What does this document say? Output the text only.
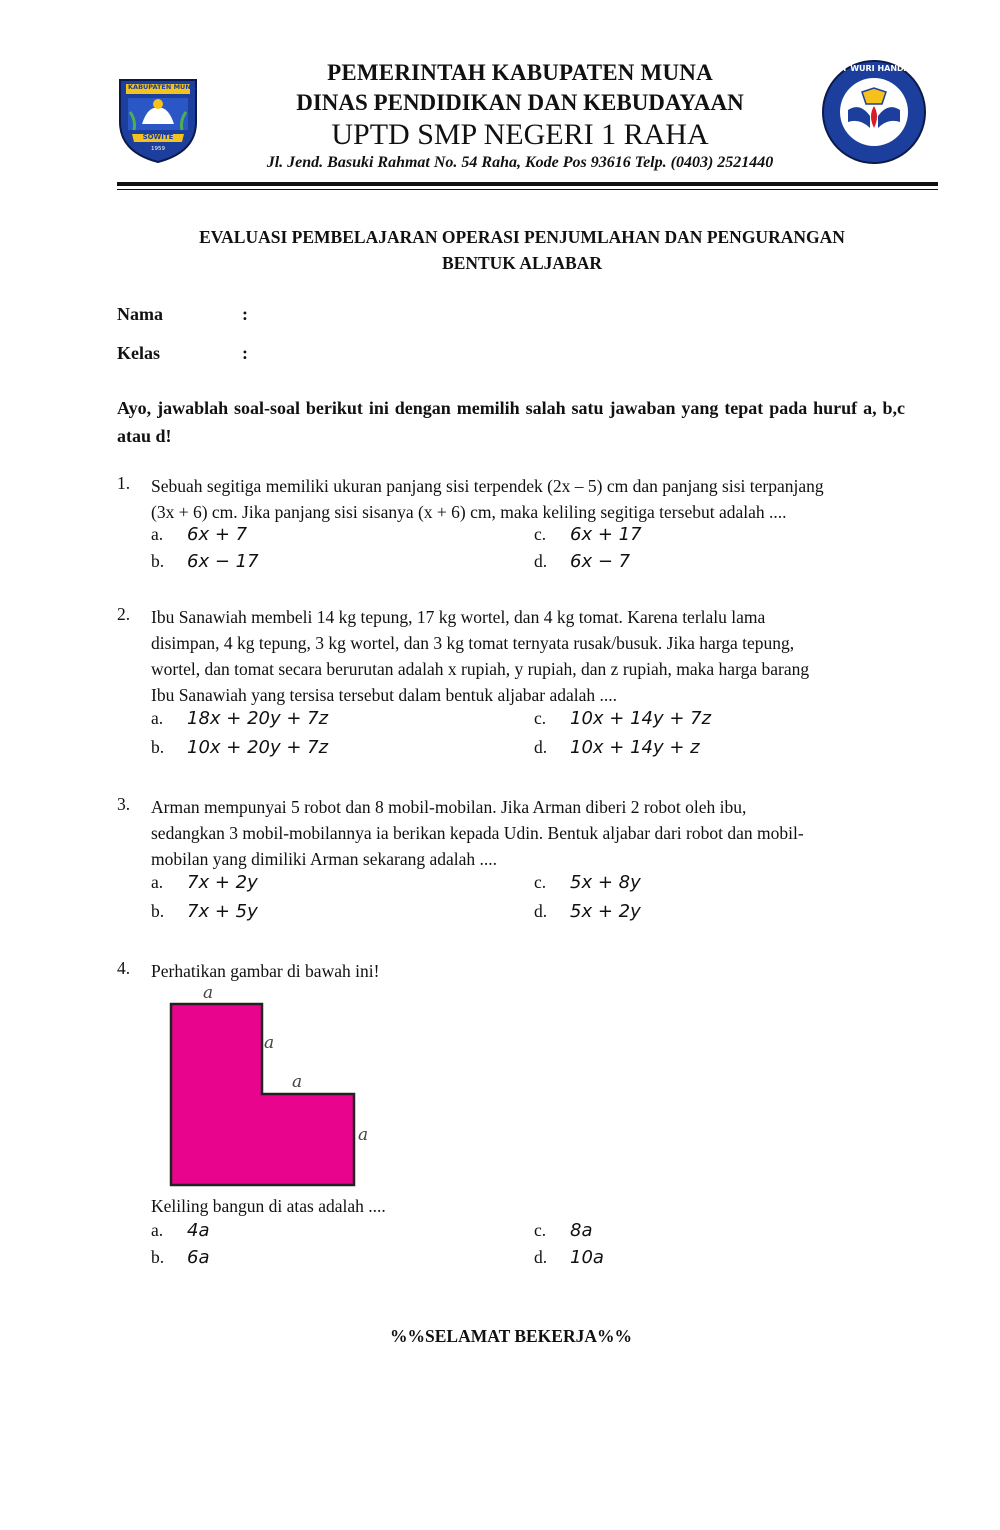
KABUPATEN MUNA
SOWITE
1959
PEMERINTAH KABUPATEN MUNA
DINAS PENDIDIKAN DAN KEBUDAYAAN
UPTD SMP NEGERI 1 RAHA
Jl. Jend. Basuki Rahmat No. 54 Raha, Kode Pos 93616 Telp. (0403) 2521440
TUT WURI HANDAYANI
EVALUASI PEMBELAJARAN OPERASI PENJUMLAHAN DAN PENGURANGAN
BENTUK ALJABAR
Nama	:
Kelas	:
Ayo, jawablah soal-soal berikut ini dengan memilih salah satu jawaban yang tepat pada huruf a, b,c atau d!
1. Sebuah segitiga memiliki ukuran panjang sisi terpendek (2x – 5) cm dan panjang sisi terpanjang
(3x + 6) cm. Jika panjang sisi sisanya (x + 6) cm, maka keliling segitiga tersebut adalah ....
a. 6x + 7
b. 6x − 17
c. 6x + 17
d. 6x − 7
2. Ibu Sanawiah membeli 14 kg tepung, 17 kg wortel, dan 4 kg tomat. Karena terlalu lama
disimpan, 4 kg tepung, 3 kg wortel, dan 3 kg tomat ternyata rusak/busuk. Jika harga tepung,
wortel, dan tomat secara berurutan adalah x rupiah, y rupiah, dan z rupiah, maka harga barang
Ibu Sanawiah yang tersisa tersebut dalam bentuk aljabar adalah ....
a. 18x + 20y + 7z
b. 10x + 20y + 7z
c. 10x + 14y + 7z
d. 10x + 14y + z
3. Arman mempunyai 5 robot dan 8 mobil-mobilan. Jika Arman diberi 2 robot oleh ibu,
sedangkan 3 mobil-mobilannya ia berikan kepada Udin. Bentuk aljabar dari robot dan mobil-
mobilan yang dimiliki Arman sekarang adalah ....
a. 7x + 2y
b. 7x + 5y
c. 5x + 8y
d. 5x + 2y
4. Perhatikan gambar di bawah ini!
a
a
a
a
Keliling bangun di atas adalah ....
a. 4a
b. 6a
c. 8a
d. 10a
%%SELAMAT BEKERJA%%
